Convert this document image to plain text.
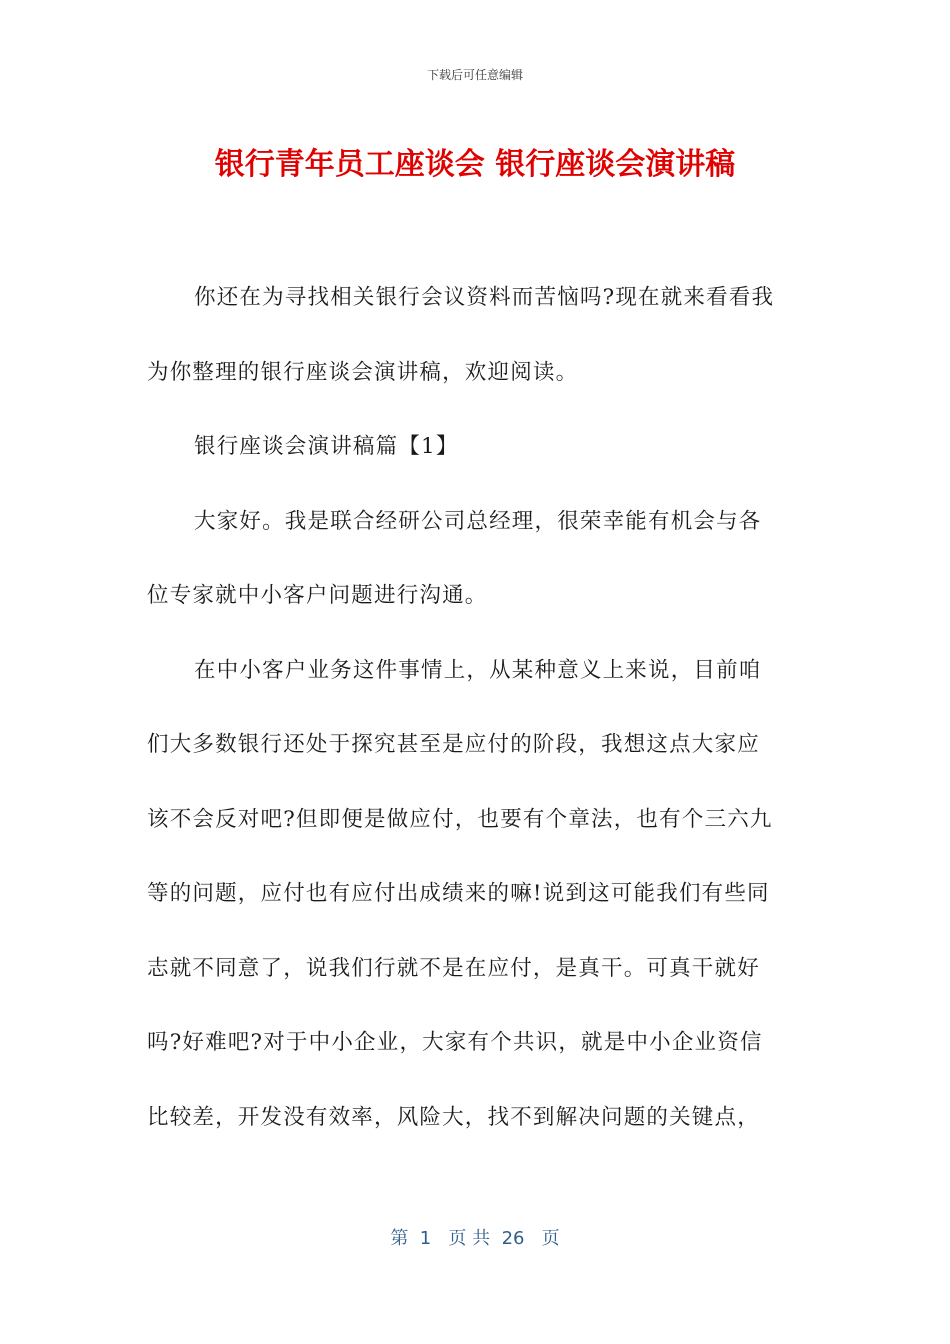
下载后可任意编辑
银行青年员工座谈会 银行座谈会演讲稿
你还在为寻找相关银行会议资料而苦恼吗?现在就来看看我
为你整理的银行座谈会演讲稿，欢迎阅读。
银行座谈会演讲稿篇【1】
大家好。我是联合经研公司总经理，很荣幸能有机会与各
位专家就中小客户问题进行沟通。
在中小客户业务这件事情上，从某种意义上来说，目前咱
们大多数银行还处于探究甚至是应付的阶段，我想这点大家应
该不会反对吧?但即便是做应付，也要有个章法，也有个三六九
等的问题，应付也有应付出成绩来的嘛!说到这可能我们有些同
志就不同意了，说我们行就不是在应付，是真干。可真干就好
吗?好难吧?对于中小企业，大家有个共识，就是中小企业资信
比较差，开发没有效率，风险大，找不到解决问题的关键点，
第  1   页 共  26   页
